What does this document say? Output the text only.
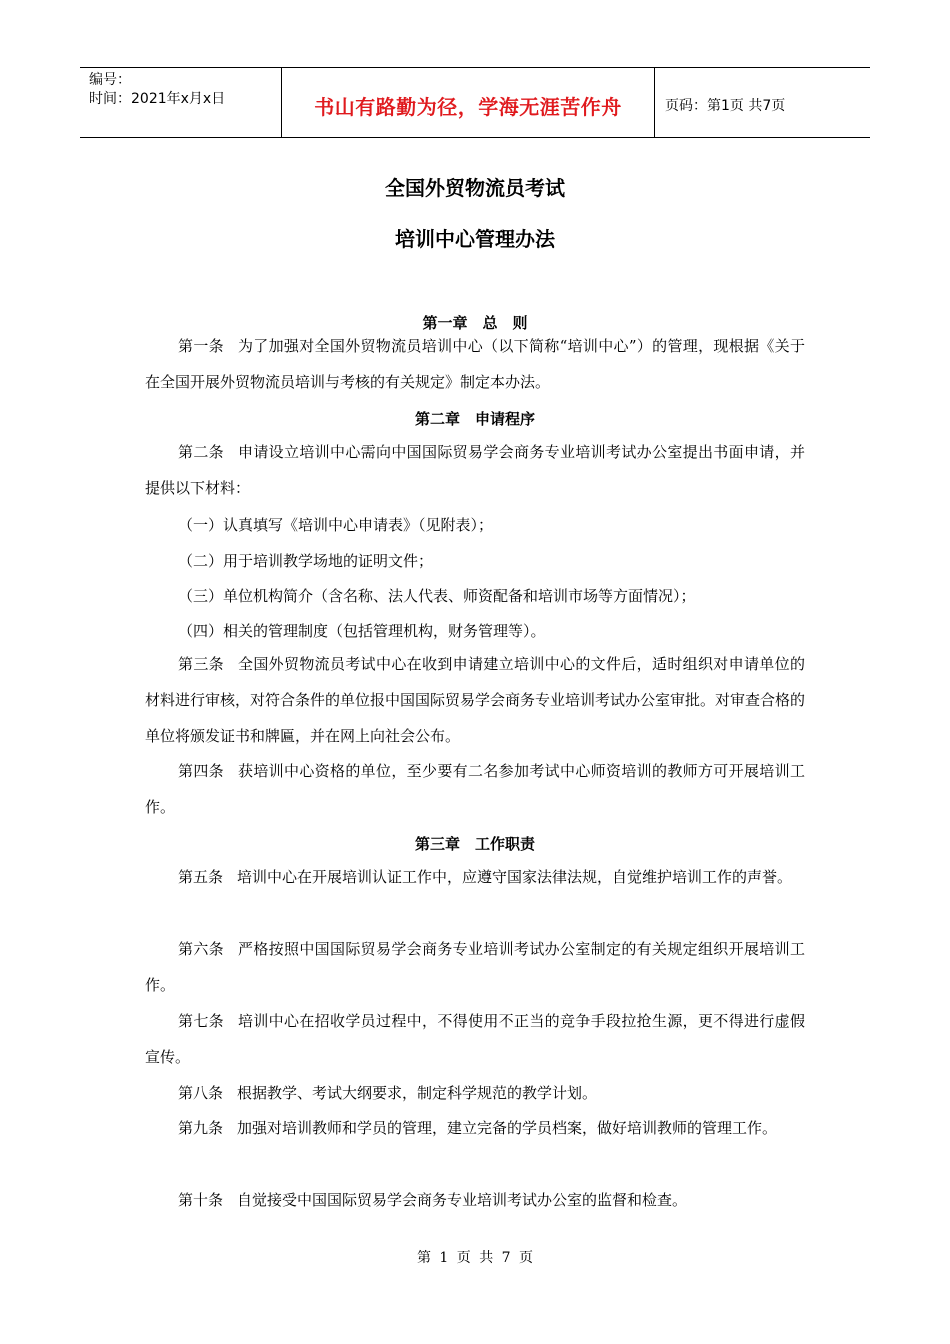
编号：
时间：2021年x月x日	书山有路勤为径，学海无涯苦作舟	页码：第1页 共7页
全国外贸物流员考试
培训中心管理办法
第一章　总　则
第一条 为了加强对全国外贸物流员培训中心（以下简称“培训中心”）的管理，现根据《关于在全国开展外贸物流员培训与考核的有关规定》制定本办法。
第二章　申请程序
第二条 申请设立培训中心需向中国国际贸易学会商务专业培训考试办公室提出书面申请，并提供以下材料：
（一）认真填写《培训中心申请表》（见附表）；
（二）用于培训教学场地的证明文件；
（三）单位机构简介（含名称、法人代表、师资配备和培训市场等方面情况）；
（四）相关的管理制度（包括管理机构，财务管理等）。
第三条 全国外贸物流员考试中心在收到申请建立培训中心的文件后，适时组织对申请单位的材料进行审核，对符合条件的单位报中国国际贸易学会商务专业培训考试办公室审批。对审查合格的单位将颁发证书和牌匾，并在网上向社会公布。
第四条 获培训中心资格的单位，至少要有二名参加考试中心师资培训的教师方可开展培训工作。
第三章　工作职责
第五条 培训中心在开展培训认证工作中，应遵守国家法律法规，自觉维护培训工作的声誉。
第六条 严格按照中国国际贸易学会商务专业培训考试办公室制定的有关规定组织开展培训工作。
第七条 培训中心在招收学员过程中，不得使用不正当的竞争手段拉抢生源，更不得进行虚假宣传。
第八条 根据教学、考试大纲要求，制定科学规范的教学计划。
第九条 加强对培训教师和学员的管理，建立完备的学员档案，做好培训教师的管理工作。
第十条 自觉接受中国国际贸易学会商务专业培训考试办公室的监督和检查。
第 1 页 共 7 页
